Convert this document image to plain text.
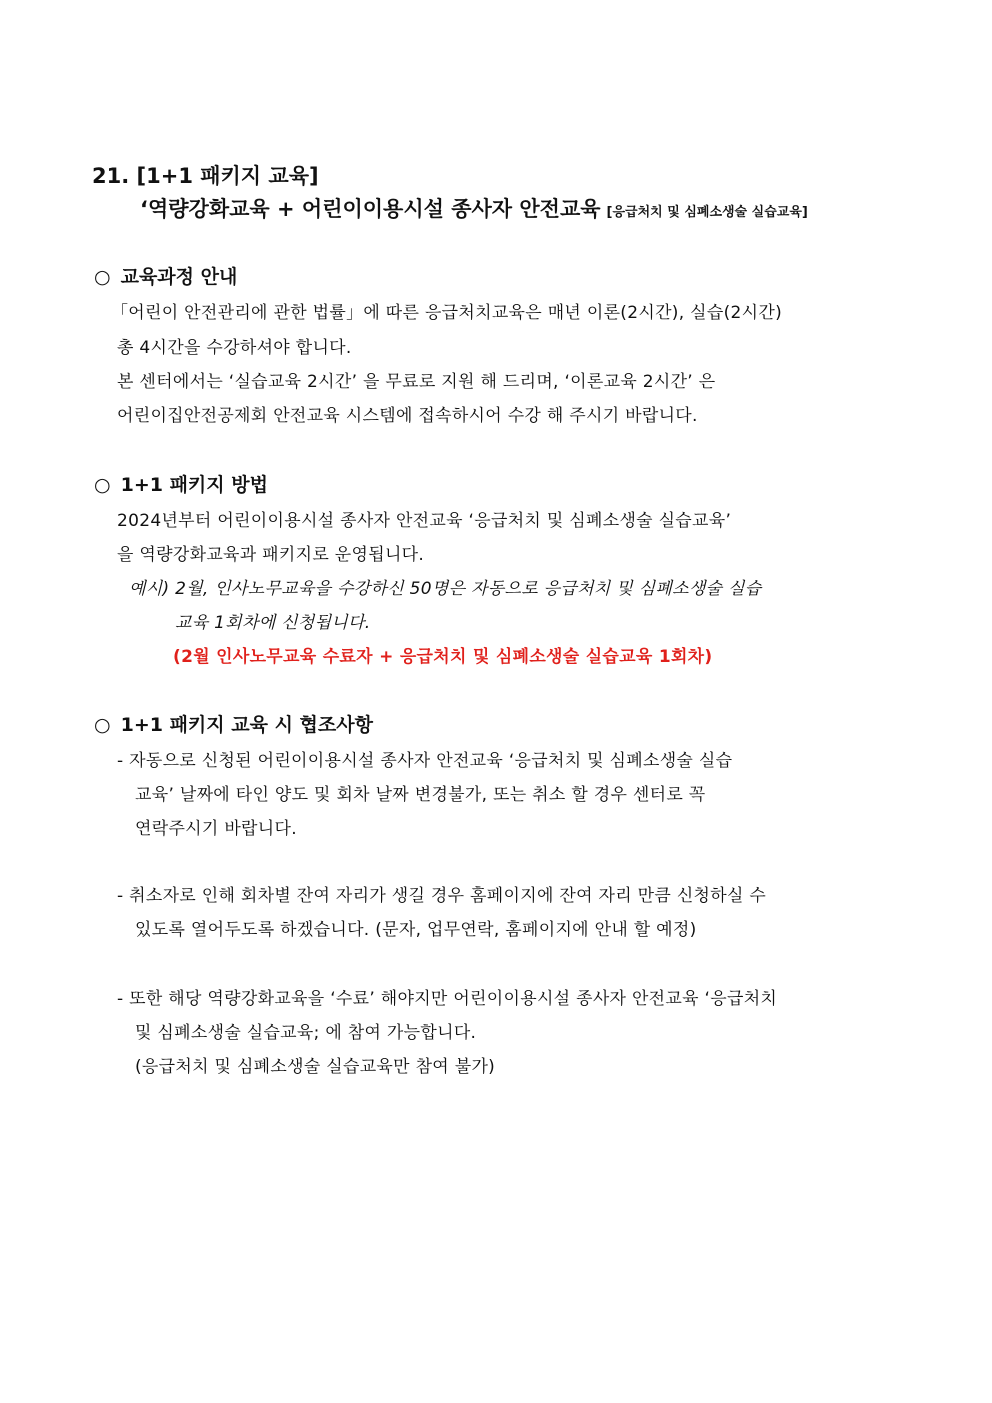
21. [1+1 패키지 교육]
‘역량강화교육 + 어린이이용시설 종사자 안전교육 [응급처치 및 심폐소생술 실습교육]
○ 교육과정 안내
「어린이 안전관리에 관한 법률」에 따른 응급처치교육은 매년 이론(2시간), 실습(2시간)
총 4시간을 수강하셔야 합니다.
본 센터에서는 ‘실습교육 2시간’ 을 무료로 지원 해 드리며, ‘이론교육 2시간’ 은
어린이집안전공제회 안전교육 시스템에 접속하시어 수강 해 주시기 바랍니다.
○ 1+1 패키지 방법
2024년부터 어린이이용시설 종사자 안전교육 ‘응급처치 및 심폐소생술 실습교육’
을 역량강화교육과 패키지로 운영됩니다.
예시) 2월, 인사노무교육을 수강하신 50명은 자동으로 응급처치 및 심폐소생술 실습
교육 1회차에 신청됩니다.
(2월 인사노무교육 수료자 + 응급처치 및 심폐소생술 실습교육 1회차)
○ 1+1 패키지 교육 시 협조사항
- 자동으로 신청된 어린이이용시설 종사자 안전교육 ‘응급처치 및 심폐소생술 실습
교육’ 날짜에 타인 양도 및 회차 날짜 변경불가, 또는 취소 할 경우 센터로 꼭
연락주시기 바랍니다.
- 취소자로 인해 회차별 잔여 자리가 생길 경우 홈페이지에 잔여 자리 만큼 신청하실 수
있도록 열어두도록 하겠습니다. (문자, 업무연락, 홈페이지에 안내 할 예정)
- 또한 해당 역량강화교육을 ‘수료’ 해야지만 어린이이용시설 종사자 안전교육 ‘응급처치
및 심폐소생술 실습교육; 에 참여 가능합니다.
(응급처치 및 심폐소생술 실습교육만 참여 불가)
